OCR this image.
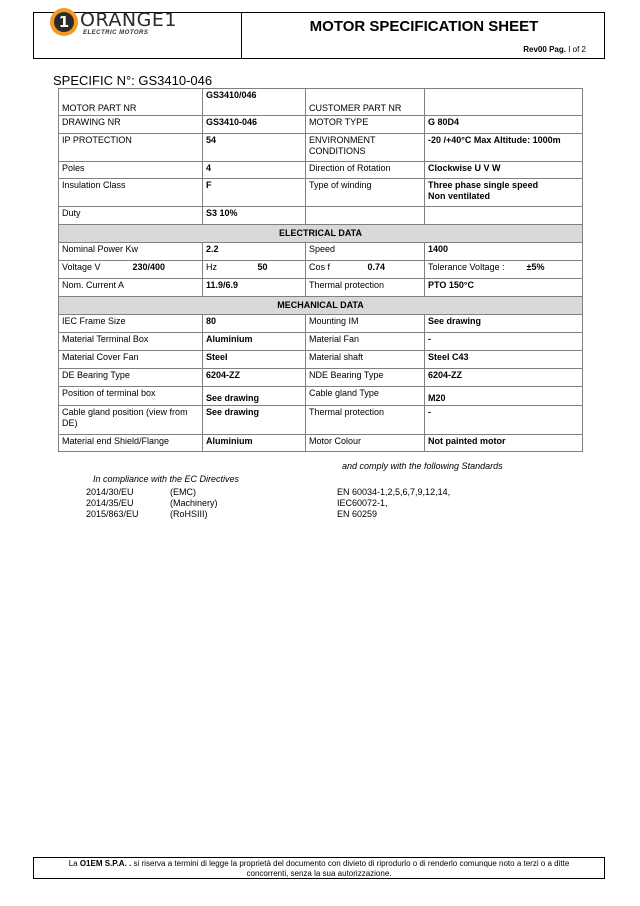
MOTOR SPECIFICATION SHEET
Rev00 Pag. I of 2
1 ORANGE1
ELECTRIC MOTORS
SPECIFIC N°: GS3410-046
MOTOR PART NR		GS3410/046		CUSTOMER PART NR			
DRAWING NR		GS3410-046		MOTOR TYPE		G 80D4	
IP PROTECTION		54		ENVIRONMENT CONDITIONS		-20 /+40°C Max Altitude: 1000m	
Poles		4		Direction of Rotation		Clockwise U V W	
Insulation Class		F		Type of winding		Three phase single speed
Non ventilated	

Duty		S3 10%					
ELECTRICAL DATA							
Nominal Power Kw		2.2		Speed		1400	
Voltage V	230/400	Hz	50	Cos f	0.74	Tolerance Voltage :	±5%
Nom. Current A		11.9/6.9		Thermal protection		PTO 150°C	
MECHANICAL DATA							
IEC Frame Size		80		Mounting IM		See drawing	
Material Terminal Box		Aluminium		Material Fan		-	
Material Cover Fan		Steel		Material shaft		Steel C43	
DE Bearing Type		6204-ZZ		NDE Bearing Type		6204-ZZ	
Position of terminal box		See drawing		Cable gland Type		M20	
Cable gland position (view from DE)		See drawing		Thermal protection		-	
Material end Shield/Flange		Aluminium		Motor Colour		Not painted motor	
and comply with the following Standards
In compliance with the EC Directives
2014/30/EU	(EMC)	EN 60034-1,2,5,6,7,9,12,14,
2014/35/EU	(Machinery)	IEC60072-1,
2015/863/EU	(RoHSIII)	EN 60259
La O1EM S.P.A. . si riserva a termini di legge la proprietà del documento con divieto di riprodurlo o di renderlo comunque noto a terzi o a ditte
concorrenti, senza la sua autorizzazione.
